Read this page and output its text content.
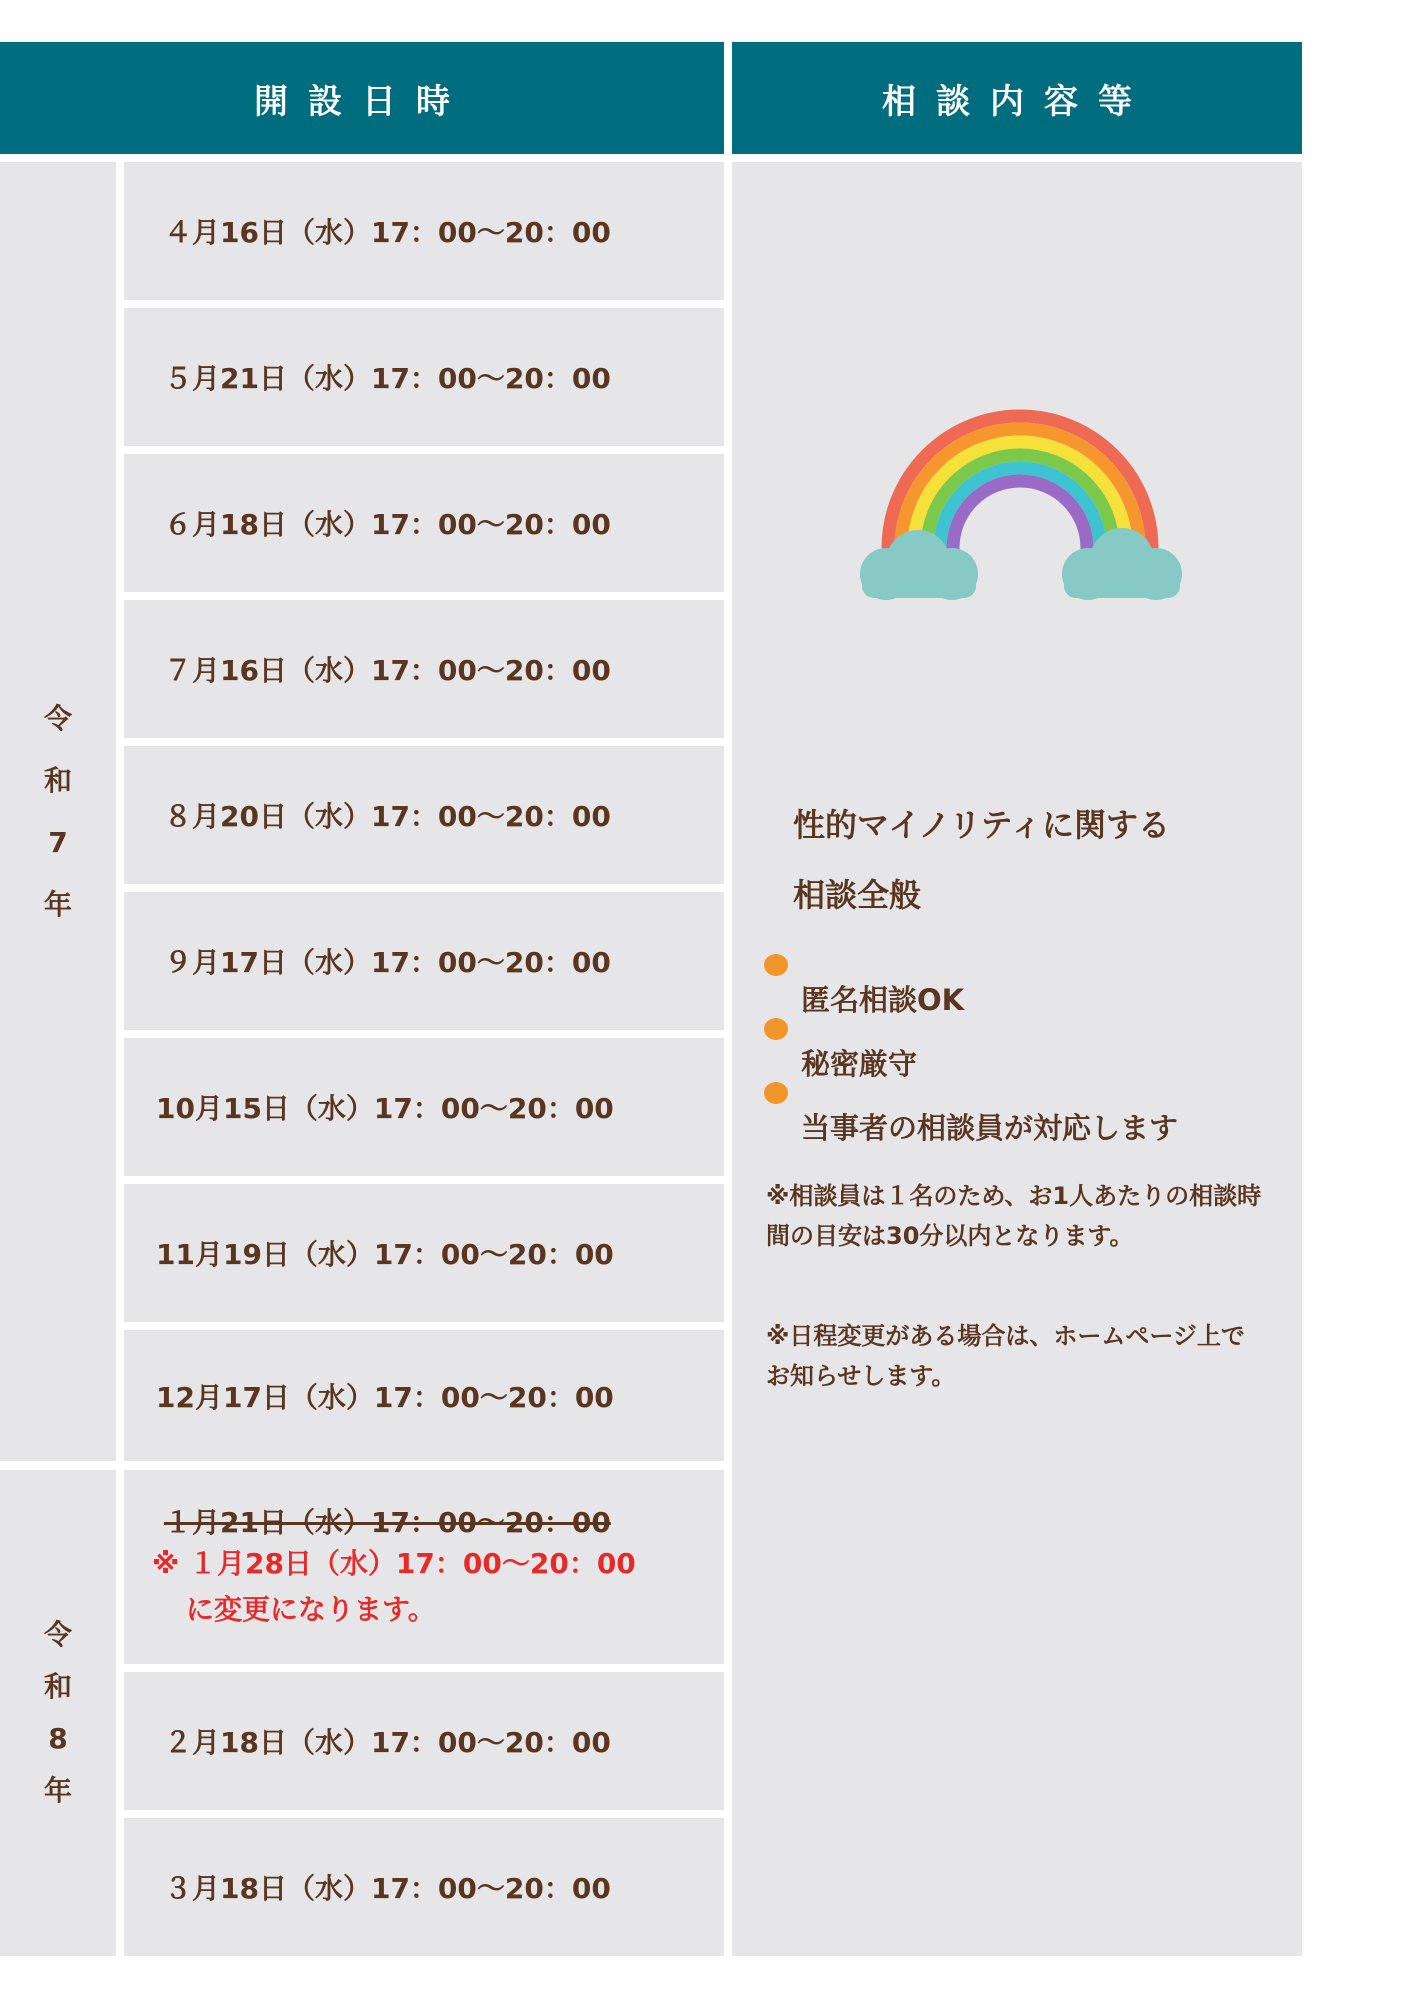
開設日時	相談内容等
令
和
7
年
令
和
8
年
４月16日（水）17：00〜20：00
５月21日（水）17：00〜20：00
６月18日（水）17：00〜20：00
７月16日（水）17：00〜20：00
８月20日（水）17：00〜20：00
９月17日（水）17：00〜20：00
10月15日（水）17：00〜20：00
11月19日（水）17：00〜20：00
12月17日（水）17：00〜20：00
１月21日（水）17：00〜20：00
※ １月28日（水）17：00〜20：00
に変更になります。
２月18日（水）17：00〜20：00
３月18日（水）17：00〜20：00
性的マイノリティに関する
相談全般
匿名相談OK
秘密厳守
当事者の相談員が対応します
※相談員は１名のため、お1人あたりの相談時間の目安は30分以内となります。
※日程変更がある場合は、ホームページ上でお知らせします。
